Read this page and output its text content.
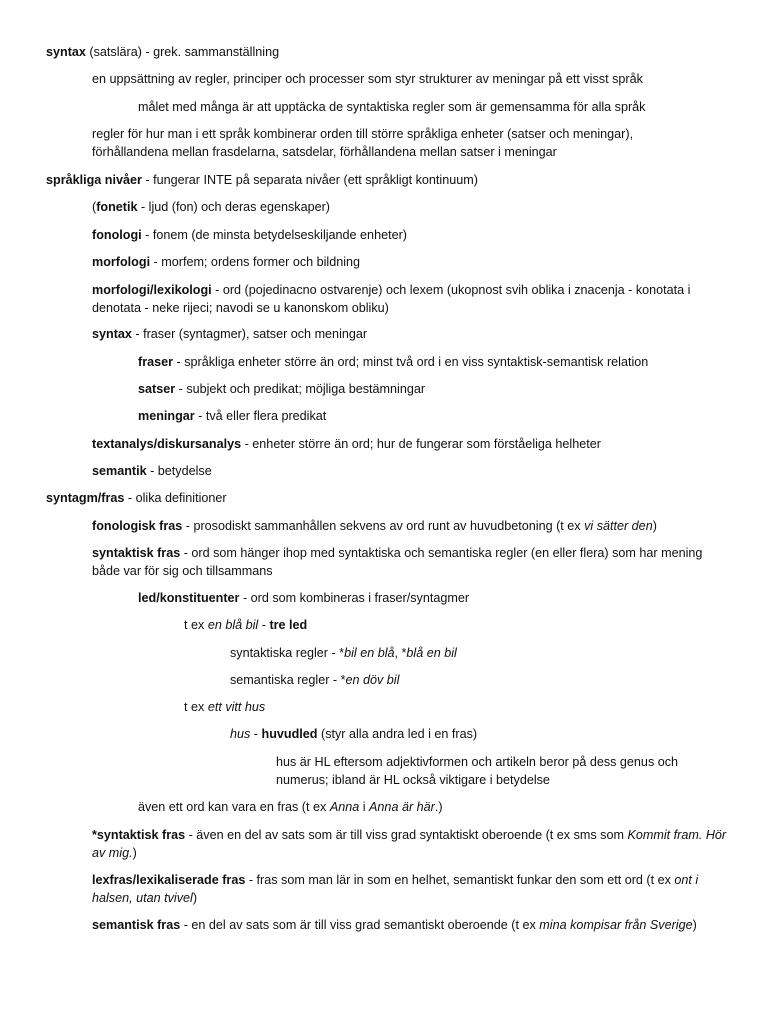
syntax (satslära) - grek. sammanställning
en uppsättning av regler, principer och processer som styr strukturer av meningar på ett visst språk
målet med många är att upptäcka de syntaktiska regler som är gemensamma för alla språk
regler för hur man i ett språk kombinerar orden till större språkliga enheter (satser och meningar), förhållandena mellan frasdelarna, satsdelar, förhållandena mellan satser i meningar
språkliga nivåer - fungerar INTE på separata nivåer (ett språkligt kontinuum)
(fonetik - ljud (fon) och deras egenskaper)
fonologi - fonem (de minsta betydelseskiljande enheter)
morfologi - morfem; ordens former och bildning
morfologi/lexikologi - ord (pojedinacno ostvarenje) och lexem (ukopnost svih oblika i znacenja - konotata i denotata - neke rijeci; navodi se u kanonskom obliku)
syntax - fraser (syntagmer), satser och meningar
fraser - språkliga enheter större än ord; minst två ord i en viss syntaktisk-semantisk relation
satser - subjekt och predikat; möjliga bestämningar
meningar - två eller flera predikat
textanalys/diskursanalys - enheter större än ord; hur de fungerar som förståeliga helheter
semantik - betydelse
syntagm/fras - olika definitioner
fonologisk fras - prosodiskt sammanhållen sekvens av ord runt av huvudbetoning (t ex vi sätter den)
syntaktisk fras - ord som hänger ihop med syntaktiska och semantiska regler (en eller flera) som har mening både var för sig och tillsammans
led/konstituenter - ord som kombineras i fraser/syntagmer
t ex en blå bil - tre led
syntaktiska regler - *bil en blå, *blå en bil
semantiska regler - *en döv bil
t ex ett vitt hus
hus - huvudled (styr alla andra led i en fras)
hus är HL eftersom adjektivformen och artikeln beror på dess genus och numerus; ibland är HL också viktigare i betydelse
även ett ord kan vara en fras (t ex Anna i Anna är här.)
*syntaktisk fras - även en del av sats som är till viss grad syntaktiskt oberoende (t ex sms som Kommit fram. Hör av mig.)
lexfras/lexikaliserade fras - fras som man lär in som en helhet, semantiskt funkar den som ett ord (t ex ont i halsen, utan tvivel)
semantisk fras - en del av sats som är till viss grad semantiskt oberoende (t ex mina kompisar från Sverige)
